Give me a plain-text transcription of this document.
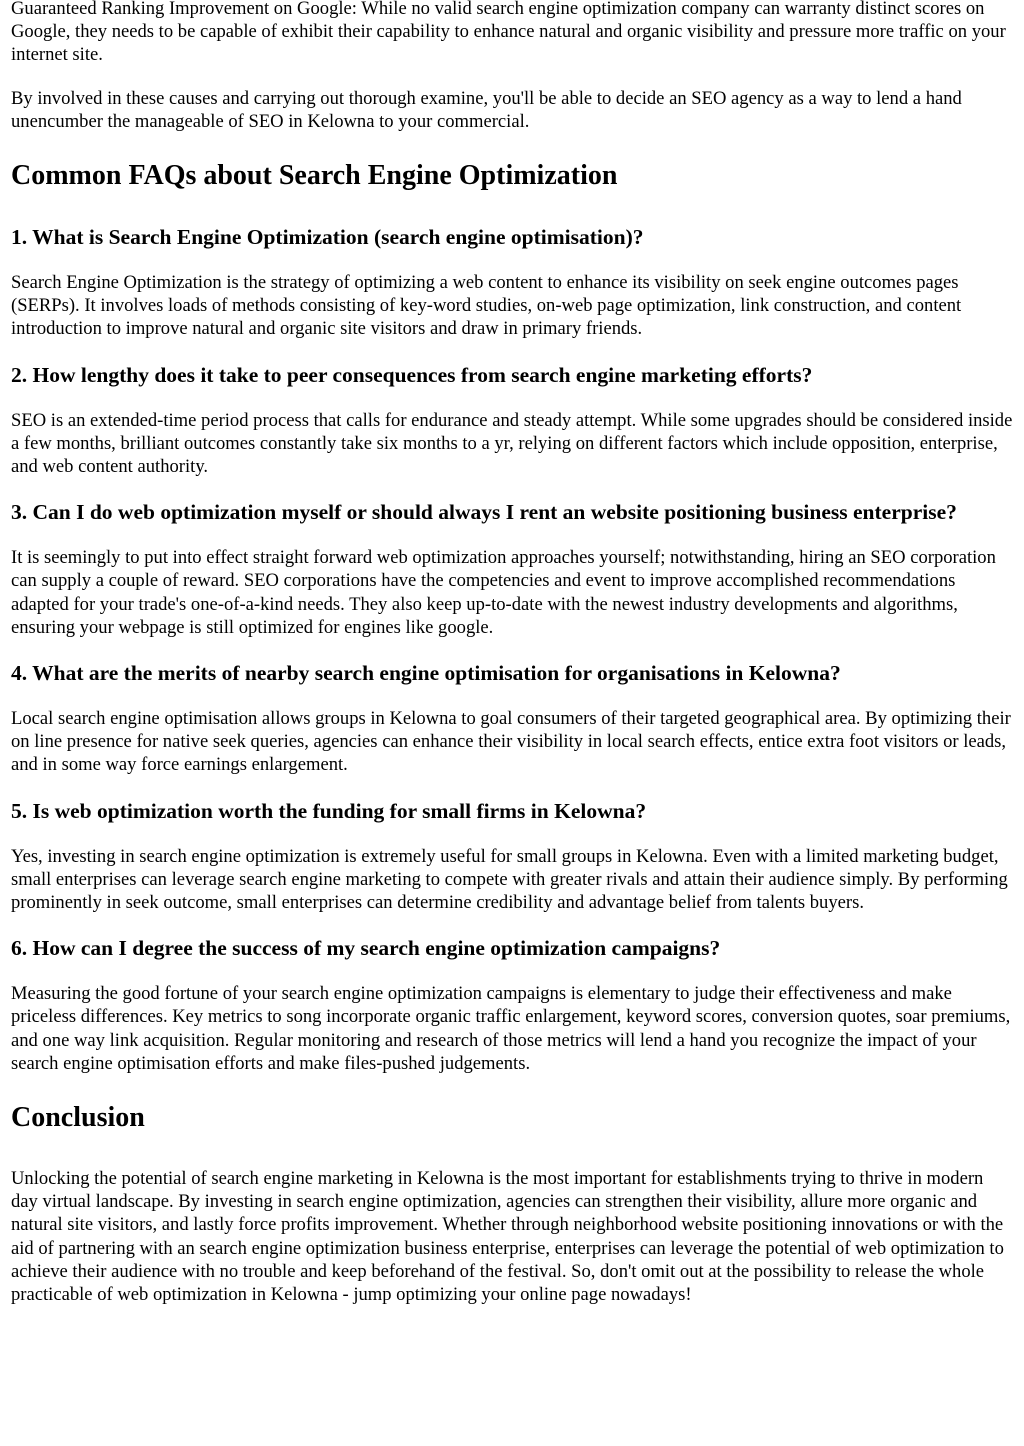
Guaranteed Ranking Improvement on Google: While no valid search engine optimization company can warranty distinct scores on Google, they needs to be capable of exhibit their capability to enhance natural and organic visibility and pressure more traffic on your internet site.

By involved in these causes and carrying out thorough examine, you'll be able to decide an SEO agency as a way to lend a hand unencumber the manageable of SEO in Kelowna to your commercial.

Common FAQs about Search Engine Optimization
1. What is Search Engine Optimization (search engine optimisation)?

Search Engine Optimization is the strategy of optimizing a web content to enhance its visibility on seek engine outcomes pages (SERPs). It involves loads of methods consisting of key-word studies, on-web page optimization, link construction, and content introduction to improve natural and organic site visitors and draw in primary friends.

2. How lengthy does it take to peer consequences from search engine marketing efforts?

SEO is an extended-time period process that calls for endurance and steady attempt. While some upgrades should be considered inside a few months, brilliant outcomes constantly take six months to a yr, relying on different factors which include opposition, enterprise, and web content authority.

3. Can I do web optimization myself or should always I rent an website positioning business enterprise?

It is seemingly to put into effect straight forward web optimization approaches yourself; notwithstanding, hiring an SEO corporation can supply a couple of reward. SEO corporations have the competencies and event to improve accomplished recommendations adapted for your trade's one-of-a-kind needs. They also keep up-to-date with the newest industry developments and algorithms, ensuring your webpage is still optimized for engines like google.

4. What are the merits of nearby search engine optimisation for organisations in Kelowna?

Local search engine optimisation allows groups in Kelowna to goal consumers of their targeted geographical area. By optimizing their on line presence for native seek queries, agencies can enhance their visibility in local search effects, entice extra foot visitors or leads, and in some way force earnings enlargement.

5. Is web optimization worth the funding for small firms in Kelowna?

Yes, investing in search engine optimization is extremely useful for small groups in Kelowna. Even with a limited marketing budget, small enterprises can leverage search engine marketing to compete with greater rivals and attain their audience simply. By performing prominently in seek outcome, small enterprises can determine credibility and advantage belief from talents buyers.

6. How can I degree the success of my search engine optimization campaigns?

Measuring the good fortune of your search engine optimization campaigns is elementary to judge their effectiveness and make priceless differences. Key metrics to song incorporate organic traffic enlargement, keyword scores, conversion quotes, soar premiums, and one way link acquisition. Regular monitoring and research of those metrics will lend a hand you recognize the impact of your search engine optimisation efforts and make files-pushed judgements.

Conclusion

Unlocking the potential of search engine marketing in Kelowna is the most important for establishments trying to thrive in modern day virtual landscape. By investing in search engine optimization, agencies can strengthen their visibility, allure more organic and natural site visitors, and lastly force profits improvement. Whether through neighborhood website positioning innovations or with the aid of partnering with an search engine optimization business enterprise, enterprises can leverage the potential of web optimization to achieve their audience with no trouble and keep beforehand of the festival. So, don't omit out at the possibility to release the whole practicable of web optimization in Kelowna - jump optimizing your online page nowadays!
